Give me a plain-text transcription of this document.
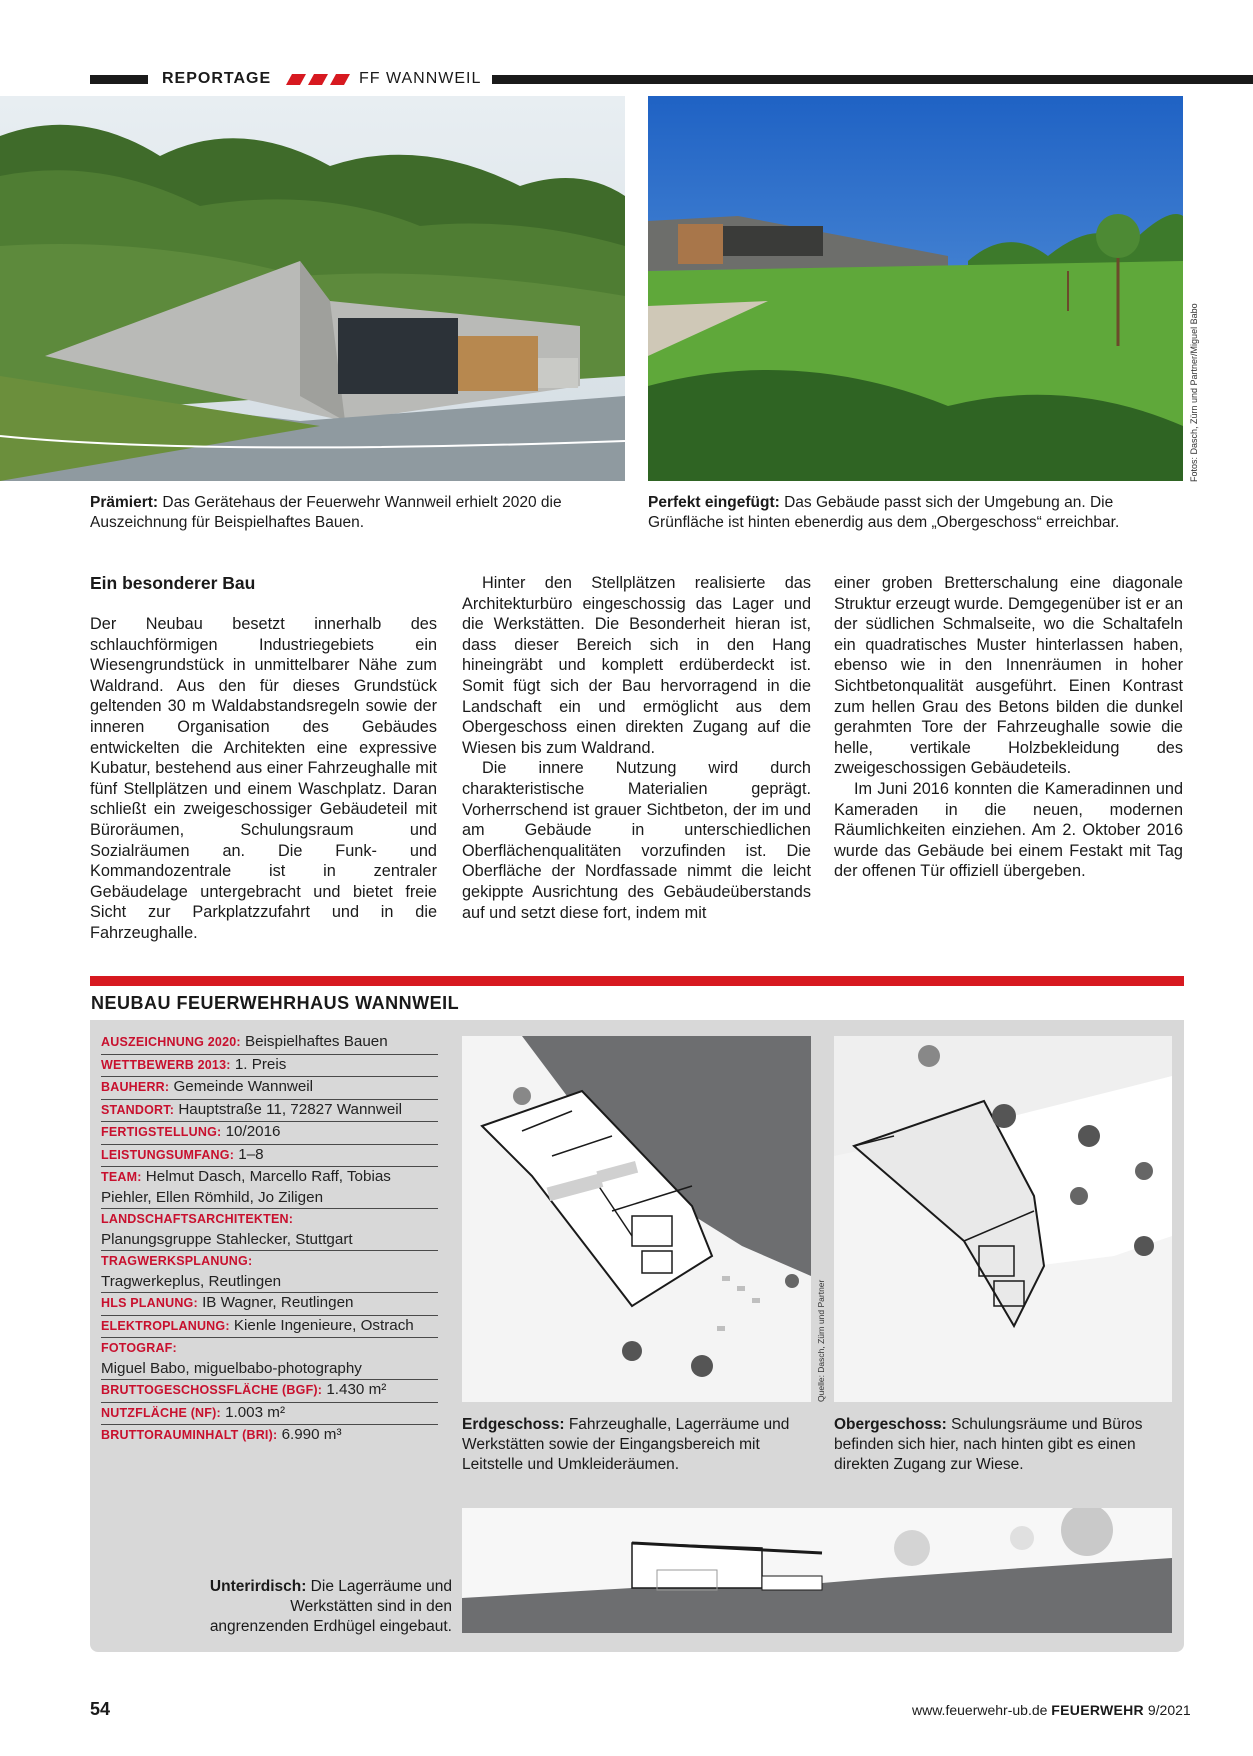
REPORTAGE	FF WANNWEIL
Fotos: Dasch, Zürn und Partner/Miguel Babo
Prämiert: Das Gerätehaus der Feuerwehr Wannweil erhielt 2020 die Auszeichnung für Beispielhaftes Bauen.
Perfekt eingefügt: Das Gebäude passt sich der Umgebung an. Die Grünfläche ist hinten ebenerdig aus dem „Obergeschoss“ erreichbar.
Ein besonderer Bau

Der Neubau besetzt innerhalb des schlauchförmigen Industriegebiets ein Wiesengrundstück in unmittelbarer Nähe zum Waldrand. Aus den für dieses Grundstück geltenden 30 m Waldabstandsregeln sowie der inneren Organisation des Gebäudes entwickelten die Architekten eine expressive Kubatur, bestehend aus einer Fahrzeughalle mit fünf Stellplätzen und einem Waschplatz. Daran schließt ein zweigeschossiger Gebäudeteil mit Büroräumen, Schulungsraum und Sozialräumen an. Die Funk- und Kommandozentrale ist in zentraler Gebäudelage untergebracht und bietet freie Sicht zur Parkplatzzufahrt und in die Fahrzeughalle.

Hinter den Stellplätzen realisierte das Architekturbüro eingeschossig das Lager und die Werkstätten. Die Besonderheit hieran ist, dass dieser Bereich sich in den Hang hineingräbt und komplett erdüberdeckt ist. Somit fügt sich der Bau hervorragend in die Landschaft ein und ermöglicht aus dem Obergeschoss einen direkten Zugang auf die Wiesen bis zum Waldrand.

Die innere Nutzung wird durch charakteristische Materialien geprägt. Vorherrschend ist grauer Sichtbeton, der im und am Gebäude in unterschiedlichen Oberflächenqualitäten vorzufinden ist. Die Oberfläche der Nordfassade nimmt die leicht gekippte Ausrichtung des Gebäudeüberstands auf und setzt diese fort, indem mit

einer groben Bretterschalung eine diagonale Struktur erzeugt wurde. Demgegenüber ist er an der südlichen Schmalseite, wo die Schaltafeln ein quadratisches Muster hinterlassen haben, ebenso wie in den Innenräumen in hoher Sichtbetonqualität ausgeführt. Einen Kontrast zum hellen Grau des Betons bilden die dunkel gerahmten Tore der Fahrzeughalle sowie die helle, vertikale Holzbekleidung des zweigeschossigen Gebäudeteils.

Im Juni 2016 konnten die Kameradinnen und Kameraden in die neuen, modernen Räumlichkeiten einziehen. Am 2. Oktober 2016 wurde das Gebäude bei einem Festakt mit Tag der offenen Tür offiziell übergeben.

NEUBAU FEUERWEHRHAUS WANNWEIL
AUSZEICHNUNG 2020: Beispielhaftes Bauen
WETTBEWERB 2013: 1. Preis
BAUHERR: Gemeinde Wannweil
STANDORT: Hauptstraße 11, 72827 Wannweil
FERTIGSTELLUNG: 10/2016
LEISTUNGSUMFANG: 1–8
TEAM: Helmut Dasch, Marcello Raff, Tobias Piehler, Ellen Römhild, Jo Ziligen
LANDSCHAFTSARCHITEKTEN:
Planungsgruppe Stahlecker, Stuttgart
TRAGWERKSPLANUNG:
Tragwerkeplus, Reutlingen
HLS PLANUNG: IB Wagner, Reutlingen
ELEKTROPLANUNG: Kienle Ingenieure, Ostrach
FOTOGRAF:
Miguel Babo, miguelbabo-photography
BRUTTOGESCHOSSFLÄCHE (BGF): 1.430 m²
NUTZFLÄCHE (NF): 1.003 m²
BRUTTORAUMINHALT (BRI): 6.990 m³
Quelle: Dasch, Zürn und Partner
Erdgeschoss: Fahrzeughalle, Lagerräume und Werkstätten sowie der Eingangsbereich mit Leitstelle und Umkleideräumen.
Obergeschoss: Schulungsräume und Büros befinden sich hier, nach hinten gibt es einen direkten Zugang zur Wiese.
Unterirdisch: Die Lagerräume und Werkstätten sind in den angrenzenden Erdhügel eingebaut.
54	www.feuerwehr-ub.de FEUERWEHR 9/2021
